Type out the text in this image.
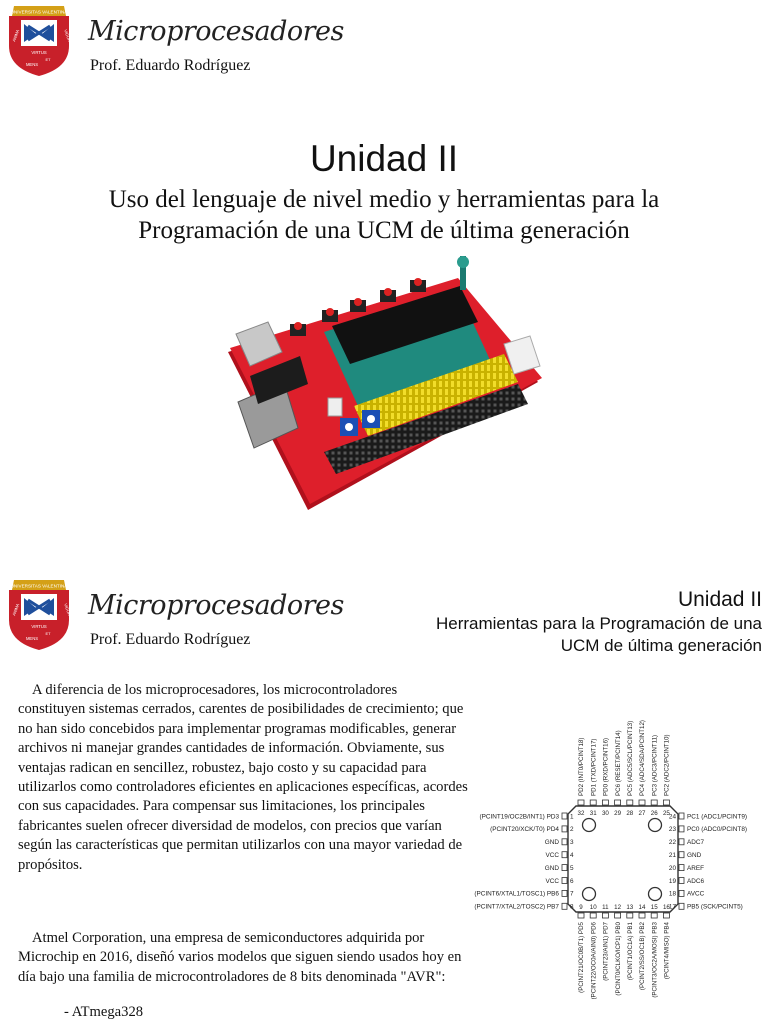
UNIVERSITAS VALENTINA
ANIMA
VIRTUS
VIGOR
MENS
ET
Microprocesadores
Prof. Eduardo Rodríguez
Unidad II
Uso del lenguaje de nivel medio y herramientas para la Programación de una UCM de última generación
UNIVERSITAS VALENTINA
ANIMA
VIRTUS
VIGOR
MENS
ET
Microprocesadores
Prof. Eduardo Rodríguez
Unidad II
Herramientas para la Programación de una UCM de última generación

A diferencia de los microprocesadores, los microcontroladores constituyen sistemas cerrados, carentes de posibilidades de crecimiento; que no han sido concebidos para implementar programas modificables, generar archivos ni manejar grandes cantidades de información. Obviamente, sus ventajas radican en sencillez, robustez, bajo costo y su capacidad para utilizarlos como controladores eficientes en aplicaciones específicas, acordes con sus capacidades. Para compensar sus limitaciones, los principales fabricantes suelen ofrecer diversidad de modelos, con precios que varían según las características que permitan utilizarlos con una mayor variedad de propósitos.

Atmel Corporation, una empresa de semiconductores adquirida por Microchip en 2016, diseñó varios modelos que siguen siendo usados hoy en día bajo una familia de microcontroladores de 8 bits denominada "AVR":

- ATmega328
(PCINT19/OC2B/INT1) PD3 1
(PCINT20/XCK/T0) PD4 2
GND 3
VCC 4
GND 5
VCC 6
(PCINT6/XTAL1/TOSC1) PB6 7
(PCINT7/XTAL2/TOSC2) PB7 8
24 PC1 (ADC1/PCINT9)
23 PC0 (ADC0/PCINT8)
22 ADC7
21 GND
20 AREF
19 ADC6
18 AVCC
17 PB5 (SCK/PCINT5)
32
PD2 (INT0/PCINT18)
31
PD1 (TXD/PCINT17)
30
PD0 (RXD/PCINT16)
29
PC6 (RESET/PCINT14)
28
PC5 (ADC5/SCL/PCINT13)
27
PC4 (ADC4/SDA/PCINT12)
26
PC3 (ADC3/PCINT11)
25
PC2 (ADC2/PCINT10)
9
(PCINT21/OC0B/T1) PD5
10
(PCINT22/OC0A/AIN0) PD6
11
(PCINT23/AIN1) PD7
12
(PCINT0/CLKO/ICP1) PB0
13
(PCINT1/OC1A) PB1
14
(PCINT2/SS/OC1B) PB2
15
(PCINT3/OC2A/MOSI) PB3
16
(PCINT4/MISO) PB4
